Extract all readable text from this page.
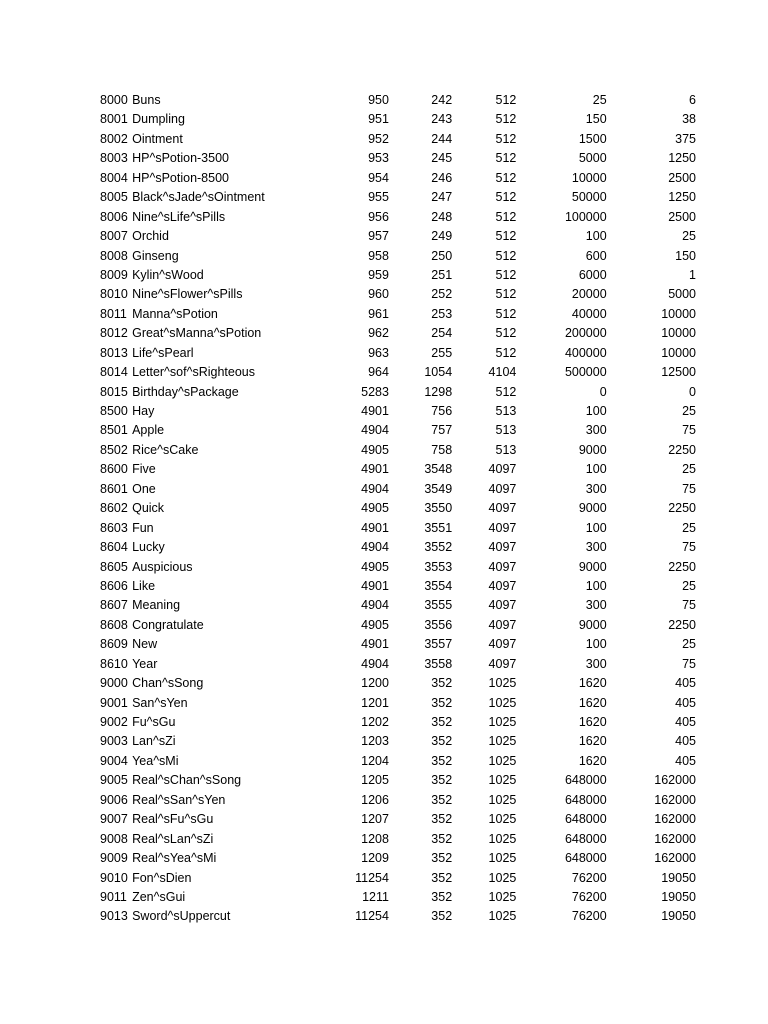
8000	Buns	950	242	512	25	6
8001	Dumpling	951	243	512	150	38
8002	Ointment	952	244	512	1500	375
8003	HP^sPotion-3500	953	245	512	5000	1250
8004	HP^sPotion-8500	954	246	512	10000	2500
8005	Black^sJade^sOintment	955	247	512	50000	1250
8006	Nine^sLife^sPills	956	248	512	100000	2500
8007	Orchid	957	249	512	100	25
8008	Ginseng	958	250	512	600	150
8009	Kylin^sWood	959	251	512	6000	1
8010	Nine^sFlower^sPills	960	252	512	20000	5000
8011	Manna^sPotion	961	253	512	40000	10000
8012	Great^sManna^sPotion	962	254	512	200000	10000
8013	Life^sPearl	963	255	512	400000	10000
8014	Letter^sof^sRighteous	964	1054	4104	500000	12500
8015	Birthday^sPackage	5283	1298	512	0	0
8500	Hay	4901	756	513	100	25
8501	Apple	4904	757	513	300	75
8502	Rice^sCake	4905	758	513	9000	2250
8600	Five	4901	3548	4097	100	25
8601	One	4904	3549	4097	300	75
8602	Quick	4905	3550	4097	9000	2250
8603	Fun	4901	3551	4097	100	25
8604	Lucky	4904	3552	4097	300	75
8605	Auspicious	4905	3553	4097	9000	2250
8606	Like	4901	3554	4097	100	25
8607	Meaning	4904	3555	4097	300	75
8608	Congratulate	4905	3556	4097	9000	2250
8609	New	4901	3557	4097	100	25
8610	Year	4904	3558	4097	300	75
9000	Chan^sSong	1200	352	1025	1620	405
9001	San^sYen	1201	352	1025	1620	405
9002	Fu^sGu	1202	352	1025	1620	405
9003	Lan^sZi	1203	352	1025	1620	405
9004	Yea^sMi	1204	352	1025	1620	405
9005	Real^sChan^sSong	1205	352	1025	648000	162000
9006	Real^sSan^sYen	1206	352	1025	648000	162000
9007	Real^sFu^sGu	1207	352	1025	648000	162000
9008	Real^sLan^sZi	1208	352	1025	648000	162000
9009	Real^sYea^sMi	1209	352	1025	648000	162000
9010	Fon^sDien	11254	352	1025	76200	19050
9011	Zen^sGui	1211	352	1025	76200	19050
9013	Sword^sUppercut	11254	352	1025	76200	19050
